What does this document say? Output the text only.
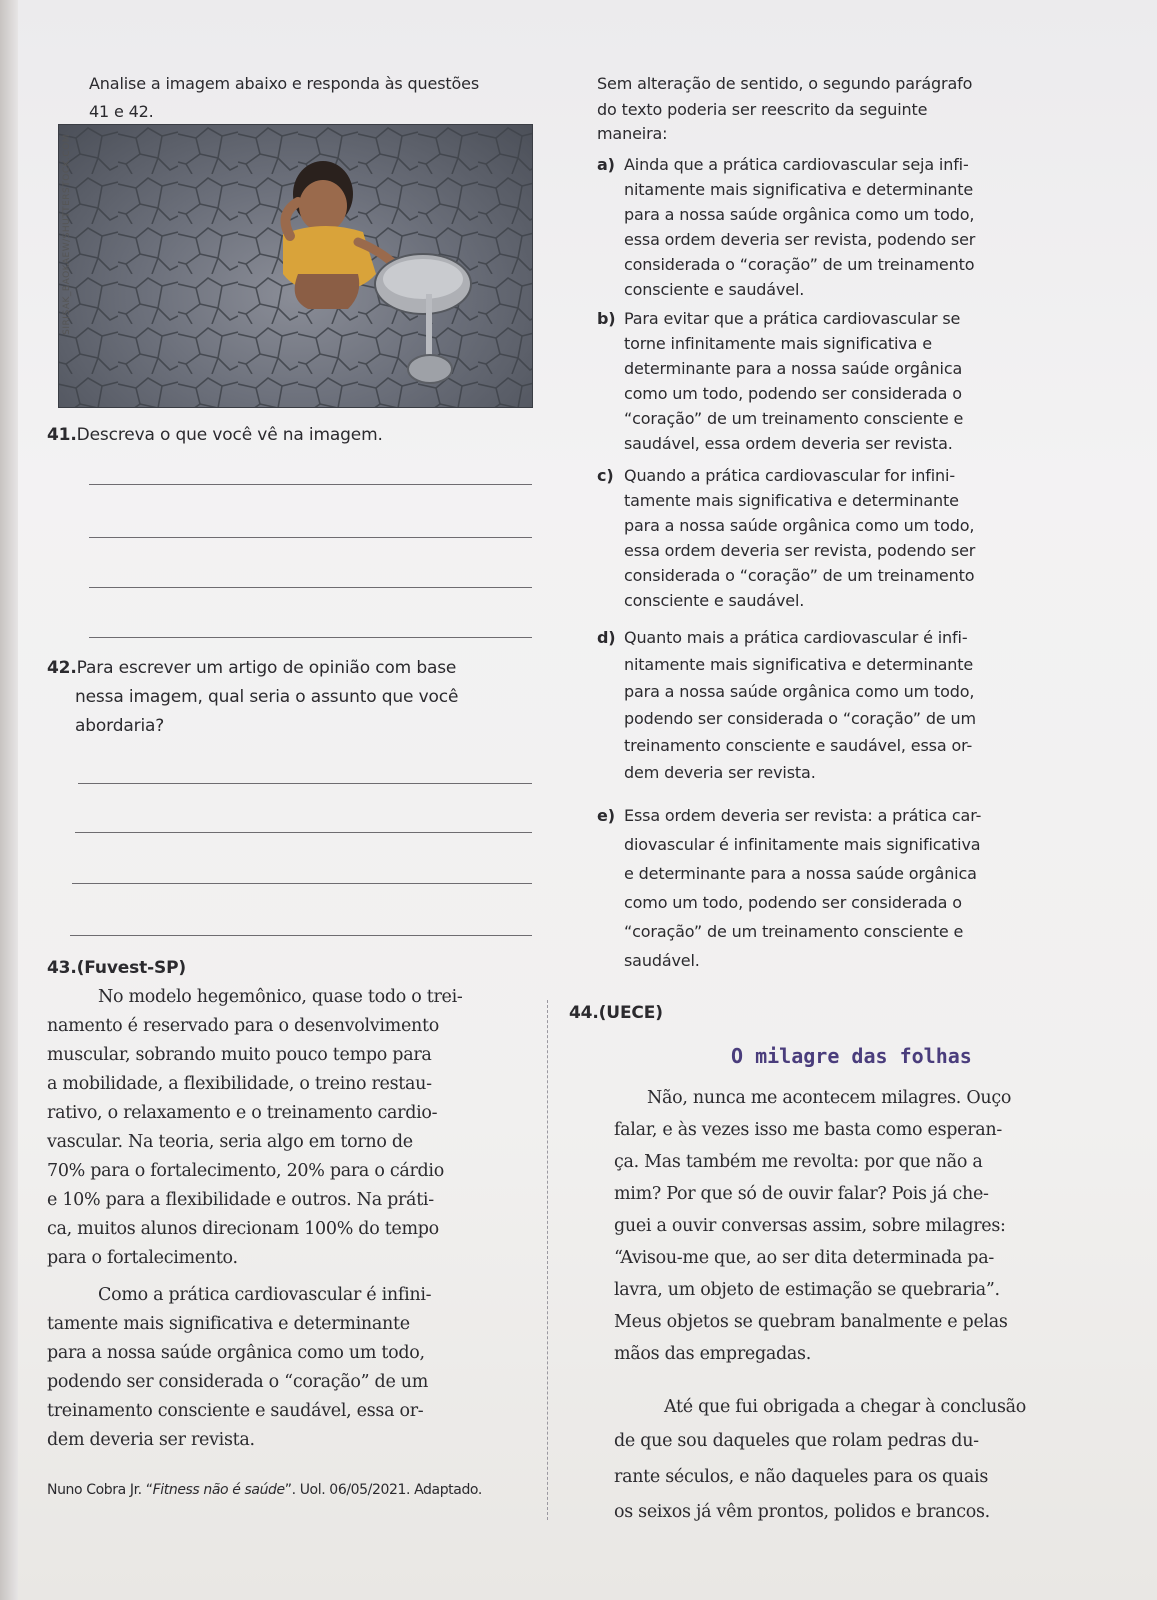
Analise a imagem abaixo e responda às questões
41 e 42.
SIRISAK_BAOKAEW/SHUTTERSTOCK.COM
41.Descreva o que você vê na imagem.
42.Para escrever um artigo de opinião com base
nessa imagem, qual seria o assunto que você
abordaria?
43.(Fuvest-SP)
No modelo hegemônico, quase todo o trei-
namento é reservado para o desenvolvimento
muscular, sobrando muito pouco tempo para
a mobilidade, a flexibilidade, o treino restau-
rativo, o relaxamento e o treinamento cardio-
vascular. Na teoria, seria algo em torno de
70% para o fortalecimento, 20% para o cárdio
e 10% para a flexibilidade e outros. Na práti-
ca, muitos alunos direcionam 100% do tempo
para o fortalecimento.
Como a prática cardiovascular é infini-
tamente mais significativa e determinante
para a nossa saúde orgânica como um todo,
podendo ser considerada o “coração” de um
treinamento consciente e saudável, essa or-
dem deveria ser revista.
Nuno Cobra Jr. “Fitness não é saúde”. Uol. 06/05/2021. Adaptado.
Sem alteração de sentido, o segundo parágrafo
do texto poderia ser reescrito da seguinte
maneira:
a) Ainda que a prática cardiovascular seja infi-
nitamente mais significativa e determinante
para a nossa saúde orgânica como um todo,
essa ordem deveria ser revista, podendo ser
considerada o “coração” de um treinamento
consciente e saudável.
b) Para evitar que a prática cardiovascular se
torne infinitamente mais significativa e
determinante para a nossa saúde orgânica
como um todo, podendo ser considerada o
“coração” de um treinamento consciente e
saudável, essa ordem deveria ser revista.
c) Quando a prática cardiovascular for infini-
tamente mais significativa e determinante
para a nossa saúde orgânica como um todo,
essa ordem deveria ser revista, podendo ser
considerada o “coração” de um treinamento
consciente e saudável.
d) Quanto mais a prática cardiovascular é infi-
nitamente mais significativa e determinante
para a nossa saúde orgânica como um todo,
podendo ser considerada o “coração” de um
treinamento consciente e saudável, essa or-
dem deveria ser revista.
e) Essa ordem deveria ser revista: a prática car-
diovascular é infinitamente mais significativa
e determinante para a nossa saúde orgânica
como um todo, podendo ser considerada o
“coração” de um treinamento consciente e
saudável.
44.(UECE)
O milagre das folhas
Não, nunca me acontecem milagres. Ouço
falar, e às vezes isso me basta como esperan-
ça. Mas também me revolta: por que não a
mim? Por que só de ouvir falar? Pois já che-
guei a ouvir conversas assim, sobre milagres:
“Avisou-me que, ao ser dita determinada pa-
lavra, um objeto de estimação se quebraria”.
Meus objetos se quebram banalmente e pelas
mãos das empregadas.
Até que fui obrigada a chegar à conclusão
de que sou daqueles que rolam pedras du-
rante séculos, e não daqueles para os quais
os seixos já vêm prontos, polidos e brancos.
